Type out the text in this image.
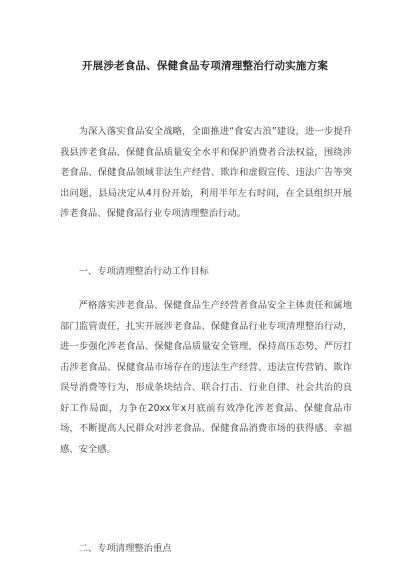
开展涉老食品、保健食品专项清理整治行动实施方案

为深入落实食品安全战略，全面推进“食安古浪”建设，进一步提升我县涉老食品、保健食品质量安全水平和保护消费者合法权益，围绕涉老食品、保健食品领域非法生产经营、欺诈和虚假宣传、违法广告等突出问题，县局决定从4月份开始，利用半年左右时间，在全县组织开展涉老食品、保健食品行业专项清理整治行动。

一、专项清理整治行动工作目标

严格落实涉老食品、保健食品生产经营者食品安全主体责任和属地部门监管责任，扎实开展涉老食品、保健食品行业专项清理整治行动，进一步强化涉老食品、保健食品质量安全管理，保持高压态势，严厉打击涉老食品、保健食品市场存在的违法生产经营、违法宣传营销、欺诈误导消费等行为，形成条块结合、联合打击、行业自律、社会共治的良好工作局面，力争在20xx年x月底前有效净化涉老食品、保健食品市场，不断提高人民群众对涉老食品、保健食品消费市场的获得感、幸福感、安全感。

二、专项清理整治重点
